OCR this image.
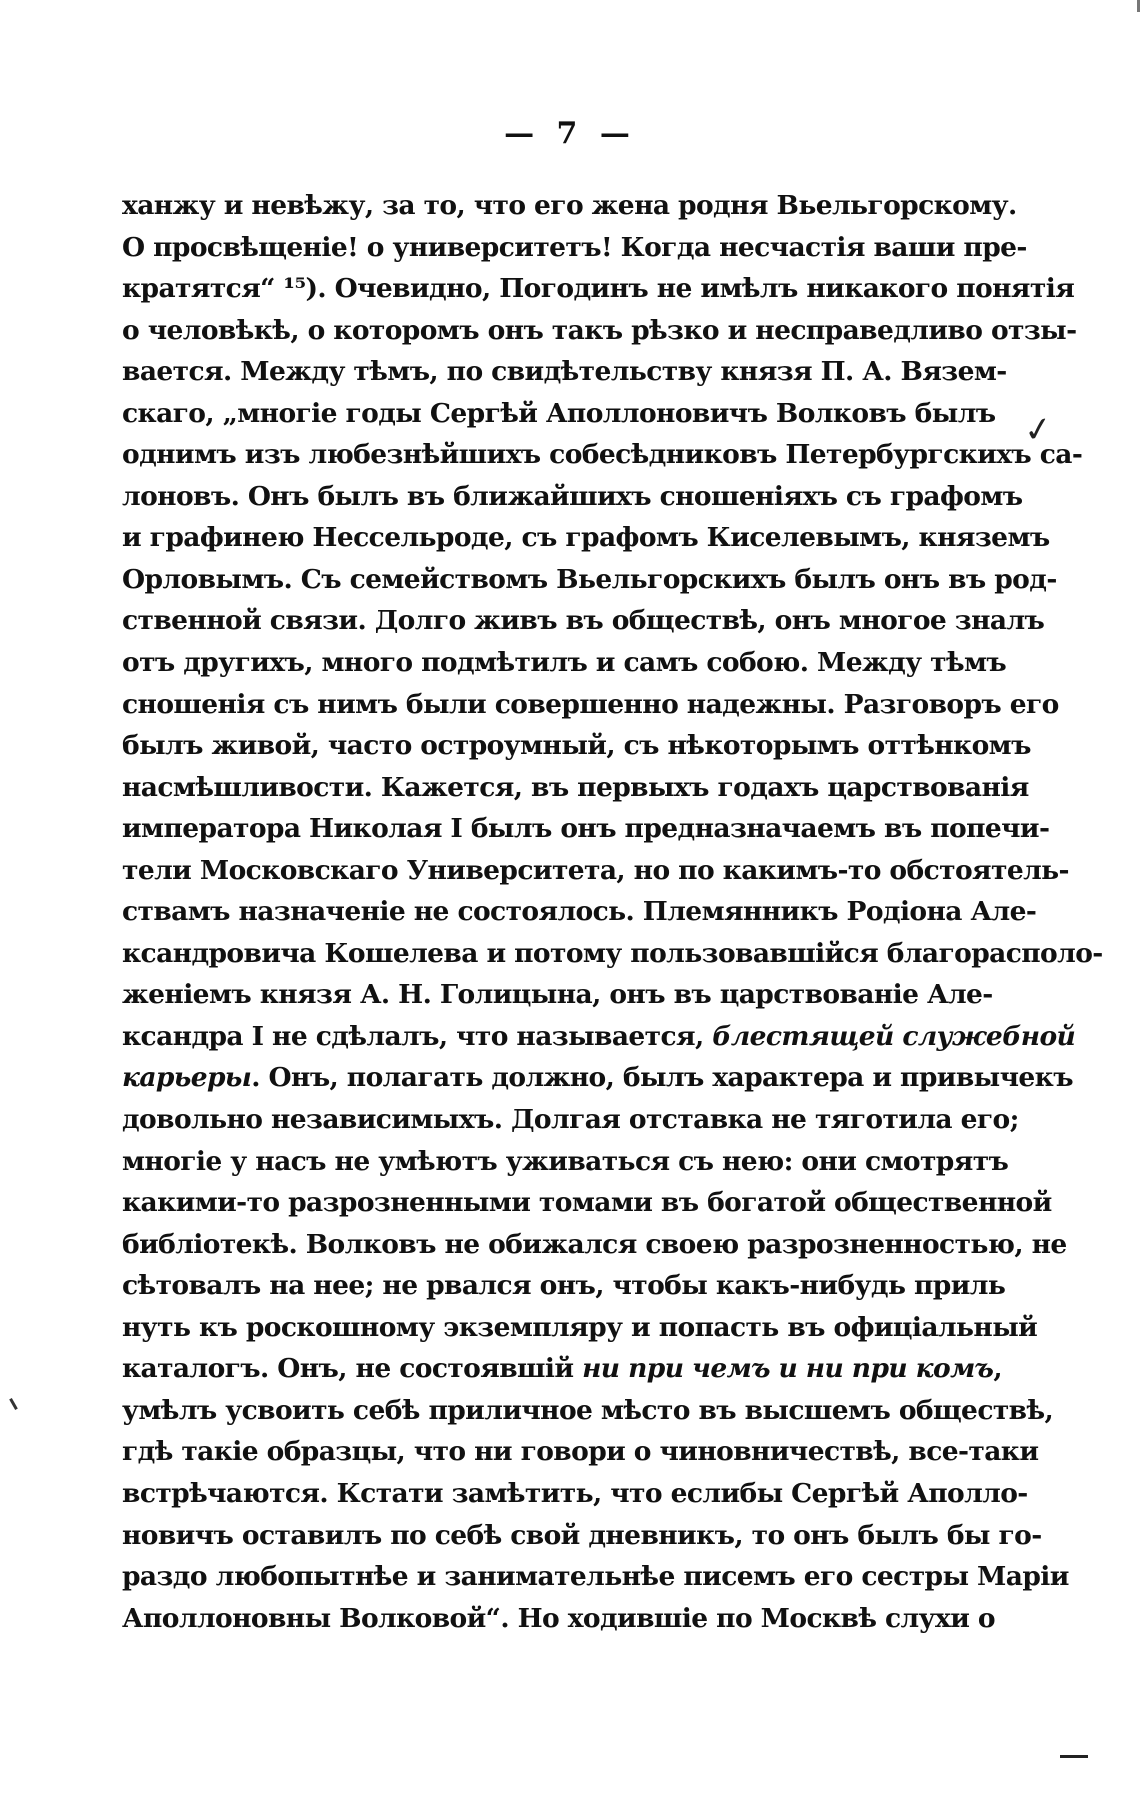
— 7 —
ханжу и невѣжу, за то, что его жена родня Вьельгорскому.
О просвѣщеніе! о университетъ! Когда несчастія ваши пре-
кратятся“ ¹⁵). Очевидно, Погодинъ не имѣлъ никакого понятія
о человѣкѣ, о которомъ онъ такъ рѣзко и несправедливо отзы-
вается. Между тѣмъ, по свидѣтельству князя П. А. Вязем-
скаго, „многіе годы Сергѣй Аполлоновичъ Волковъ былъ
однимъ изъ любезнѣйшихъ собесѣдниковъ Петербургскихъ са-
лоновъ. Онъ былъ въ ближайшихъ сношеніяхъ съ графомъ
и графинею Нессельроде, съ графомъ Киселевымъ, княземъ
Орловымъ. Съ семействомъ Вьельгорскихъ былъ онъ въ род-
ственной связи. Долго живъ въ обществѣ, онъ многое зналъ
отъ другихъ, много подмѣтилъ и самъ собою. Между тѣмъ
сношенія съ нимъ были совершенно надежны. Разговоръ его
былъ живой, часто остроумный, съ нѣкоторымъ оттѣнкомъ
насмѣшливости. Кажется, въ первыхъ годахъ царствованія
императора Николая I былъ онъ предназначаемъ въ попечи-
тели Московскаго Университета, но по какимъ-то обстоятель-
ствамъ назначеніе не состоялось. Племянникъ Родіона Але-
ксандровича Кошелева и потому пользовавшійся благорасполо-
женіемъ князя А. Н. Голицына, онъ въ царствованіе Але-
ксандра I не сдѣлалъ, что называется, блестящей служебной
карьеры. Онъ, полагать должно, былъ характера и привычекъ
довольно независимыхъ. Долгая отставка не тяготила его;
многіе у насъ не умѣютъ уживаться съ нею: они смотрятъ
какими-то разрозненными томами въ богатой общественной
библіотекѣ. Волковъ не обижался своею разрозненностью, не
сѣтовалъ на нее; не рвался онъ, чтобы какъ-нибудь приль
нуть къ роскошному экземпляру и попасть въ офиціальный
каталогъ. Онъ, не состоявшій ни при чемъ и ни при комъ,
умѣлъ усвоить себѣ приличное мѣсто въ высшемъ обществѣ,
гдѣ такіе образцы, что ни говори о чиновничествѣ, все-таки
встрѣчаются. Кстати замѣтить, что еслибы Сергѣй Аполло-
новичъ оставилъ по себѣ свой дневникъ, то онъ былъ бы го-
раздо любопытнѣе и занимательнѣе писемъ его сестры Маріи
Аполлоновны Волковой“. Но ходившіе по Москвѣ слухи о
✓
